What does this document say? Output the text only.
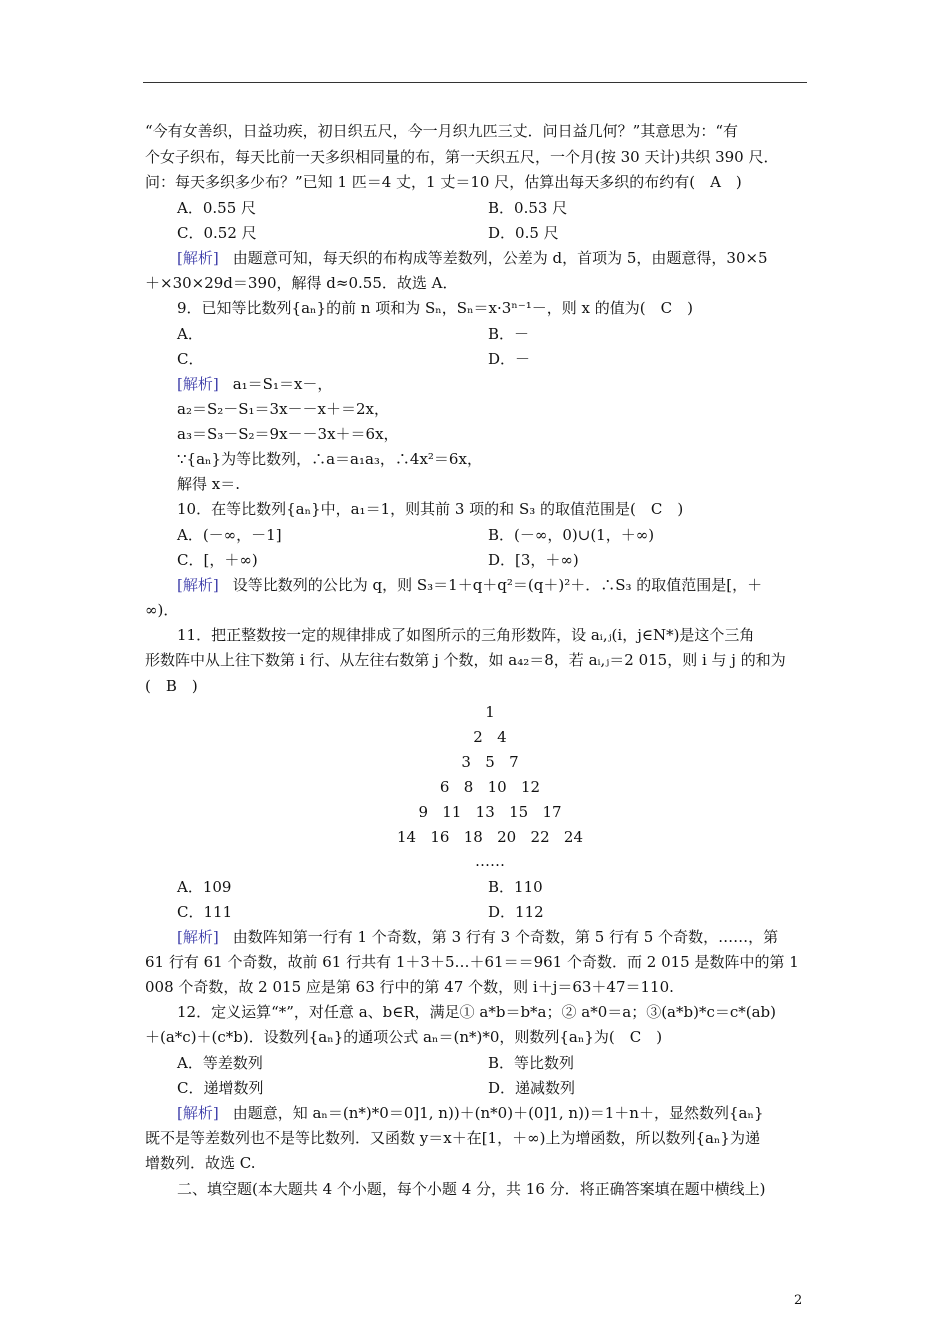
“今有女善织，日益功疾，初日织五尺，今一月织九匹三丈．问日益几何？”其意思为：“有
个女子织布，每天比前一天多织相同量的布，第一天织五尺，一个月(按 30 天计)共织 390 尺．
问：每天多织多少布？”已知 1 匹＝4 丈，1 丈＝10 尺，估算出每天多织的布约有(　A　)
A．0.55 尺	B．0.53 尺
C．0.52 尺	D．0.5 尺
[解析] 由题意可知，每天织的布构成等差数列，公差为 d，首项为 5，由题意得，30×5
＋×30×29d＝390，解得 d≈0.55．故选 A．
9．已知等比数列{aₙ}的前 n 项和为 Sₙ，Sₙ＝x·3ⁿ⁻¹－，则 x 的值为(　C　)
A．	B．－
C．	D．－
[解析] a₁＝S₁＝x－，
a₂＝S₂－S₁＝3x－－x＋＝2x，
a₃＝S₃－S₂＝9x－－3x＋＝6x，
∵{aₙ}为等比数列，∴a＝a₁a₃，∴4x²＝6x，
解得 x＝.
10．在等比数列{aₙ}中，a₁＝1，则其前 3 项的和 S₃ 的取值范围是(　C　)
A．(－∞，－1]	B．(－∞，0)∪(1，＋∞)
C．[，＋∞)	D．[3，＋∞)
[解析] 设等比数列的公比为 q，则 S₃＝1＋q＋q²＝(q＋)²＋．∴S₃ 的取值范围是[，＋
∞)．
11．把正整数按一定的规律排成了如图所示的三角形数阵，设 aᵢ,ⱼ(i，j∈N*)是这个三角
形数阵中从上往下数第 i 行、从左往右数第 j 个数，如 a₄₂＝8，若 aᵢ,ⱼ＝2 015，则 i 与 j 的和为
(　B　)
1
2   4
3   5   7
6   8   10   12
9   11   13   15   17
14   16   18   20   22   24
……
A．109	B．110
C．111	D．112
[解析] 由数阵知第一行有 1 个奇数，第 3 行有 3 个奇数，第 5 行有 5 个奇数，……，第
61 行有 61 个奇数，故前 61 行共有 1＋3＋5…＋61＝＝961 个奇数．而 2 015 是数阵中的第 1
008 个奇数，故 2 015 应是第 63 行中的第 47 个数，则 i＋j＝63＋47＝110.
12．定义运算“*”，对任意 a、b∈R，满足① a*b＝b*a；② a*0＝a；③(a*b)*c＝c*(ab)
＋(a*c)＋(c*b)．设数列{aₙ}的通项公式 aₙ＝(n*)*0，则数列{aₙ}为(　C　)
A．等差数列	B．等比数列
C．递增数列	D．递减数列
[解析] 由题意，知 aₙ＝(n*)*0＝0]1, n))＋(n*0)＋(0]1, n))＝1＋n＋，显然数列{aₙ}
既不是等差数列也不是等比数列．又函数 y＝x＋在[1，＋∞)上为增函数，所以数列{aₙ}为递
增数列．故选 C.
二、填空题(本大题共 4 个小题，每个小题 4 分，共 16 分．将正确答案填在题中横线上)
2
